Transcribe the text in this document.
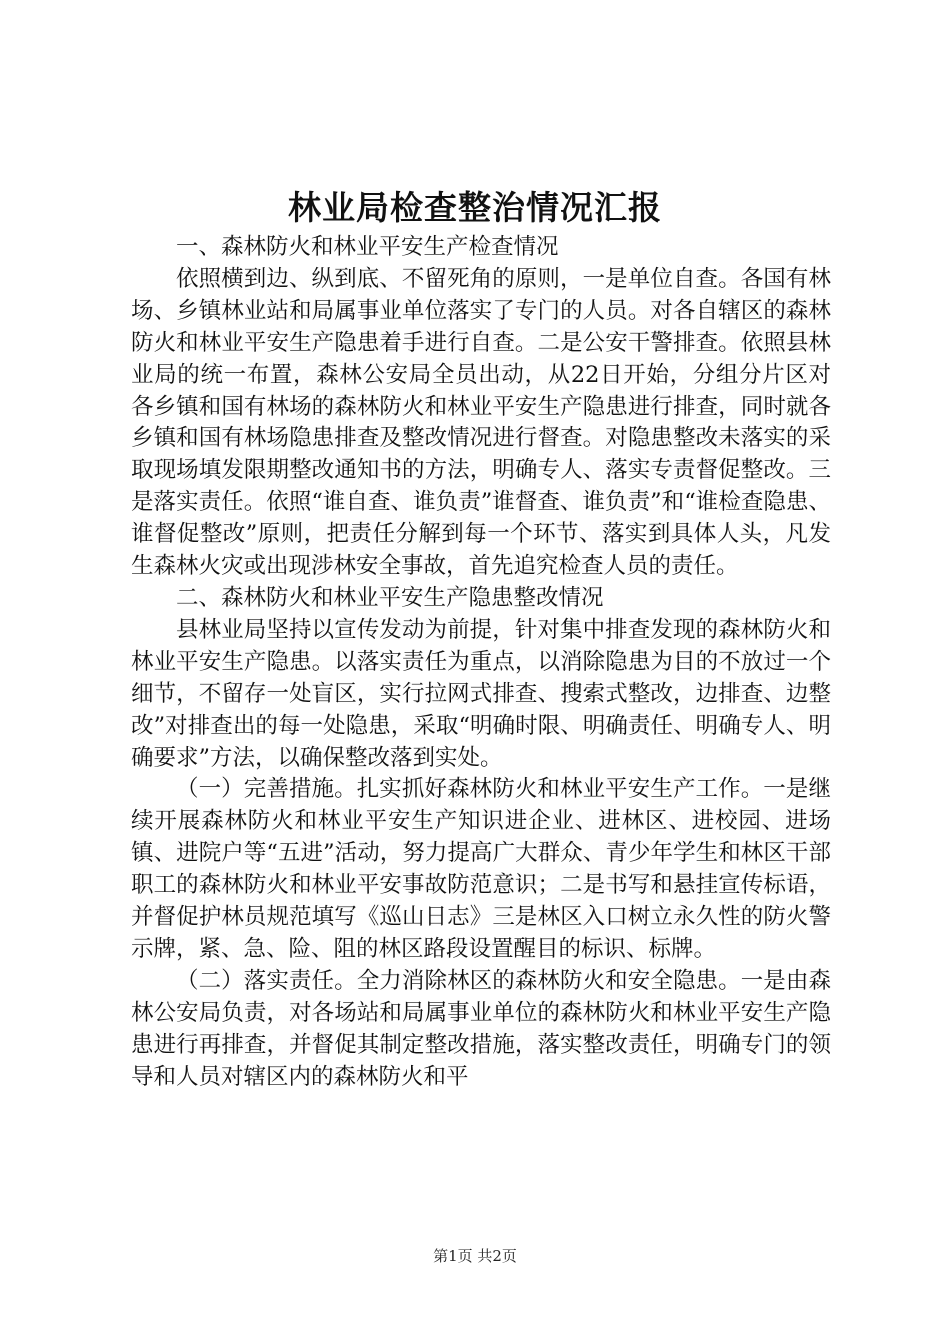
林业局检查整治情况汇报

一、森林防火和林业平安生产检查情况

依照横到边、纵到底、不留死角的原则，一是单位自查。各国有林场、乡镇林业站和局属事业单位落实了专门的人员。对各自辖区的森林防火和林业平安生产隐患着手进行自查。二是公安干警排查。依照县林业局的统一布置，森林公安局全员出动，从22日开始，分组分片区对各乡镇和国有林场的森林防火和林业平安生产隐患进行排查，同时就各乡镇和国有林场隐患排查及整改情况进行督查。对隐患整改未落实的采取现场填发限期整改通知书的方法，明确专人、落实专责督促整改。三是落实责任。依照“谁自查、谁负责”谁督查、谁负责”和“谁检查隐患、谁督促整改”原则，把责任分解到每一个环节、落实到具体人头，凡发生森林火灾或出现涉林安全事故，首先追究检查人员的责任。

二、森林防火和林业平安生产隐患整改情况

县林业局坚持以宣传发动为前提，针对集中排查发现的森林防火和林业平安生产隐患。以落实责任为重点，以消除隐患为目的不放过一个细节，不留存一处盲区，实行拉网式排查、搜索式整改，边排查、边整改”对排查出的每一处隐患，采取“明确时限、明确责任、明确专人、明确要求”方法，以确保整改落到实处。

（一）完善措施。扎实抓好森林防火和林业平安生产工作。一是继续开展森林防火和林业平安生产知识进企业、进林区、进校园、进场镇、进院户等“五进”活动，努力提高广大群众、青少年学生和林区干部职工的森林防火和林业平安事故防范意识；二是书写和悬挂宣传标语，并督促护林员规范填写《巡山日志》三是林区入口树立永久性的防火警示牌，紧、急、险、阻的林区路段设置醒目的标识、标牌。

（二）落实责任。全力消除林区的森林防火和安全隐患。一是由森林公安局负责，对各场站和局属事业单位的森林防火和林业平安生产隐患进行再排查，并督促其制定整改措施，落实整改责任，明确专门的领导和人员对辖区内的森林防火和平

第1页 共2页
